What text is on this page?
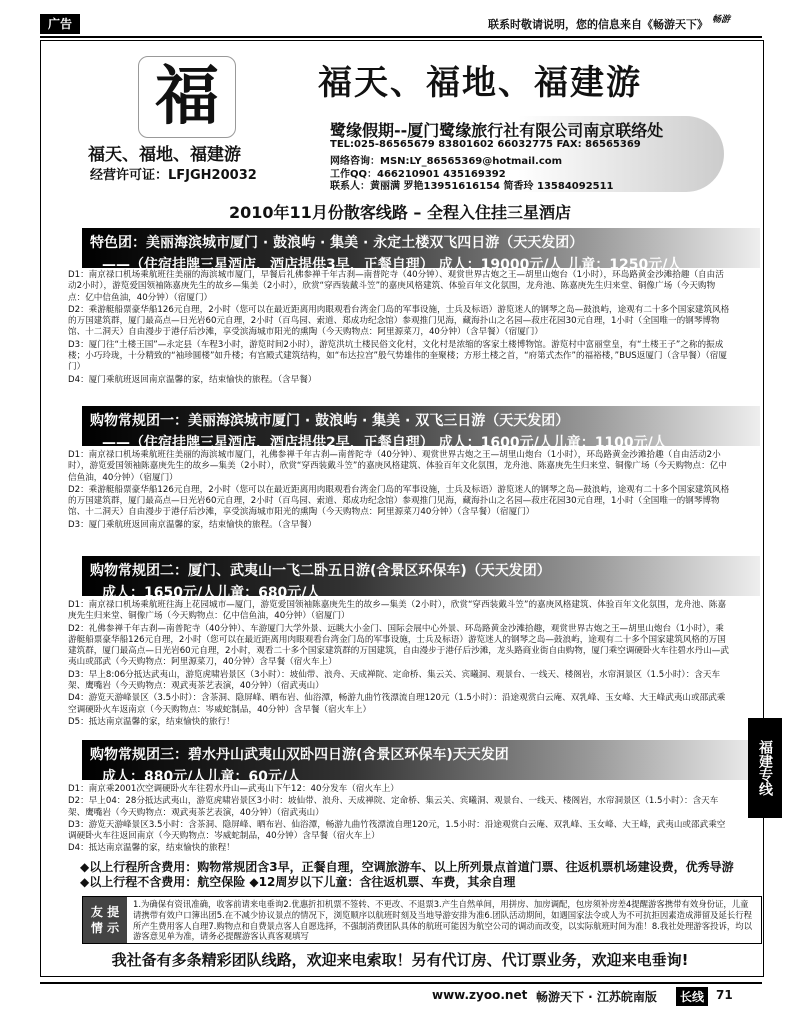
广告	联系时敬请说明，您的信息来自《畅游天下》 畅游
福
福天、福地、福建游
经营许可证：LFJGH20032
福天、福地、福建游
鹭缘假期--厦门鹭缘旅行社有限公司南京联络处
TEL:025-86565679 83801602 66032775 FAX: 86565369
网络咨询：MSN:LY_86565369@hotmail.com
工作QQ：466210901 435169392
联系人：黄丽满 罗艳13951616154 简香玲 13584092511
2010年11月份散客线路 – 全程入住挂三星酒店
特色团：美丽海滨城市厦门 · 鼓浪屿 · 集美 · 永定土楼双飞四日游（天天发团）
——（住宿挂牌三星酒店，酒店提供3早，正餐自理） 成人：19000元/人 儿童：1250元/人

D1：南京禄口机场乘航班往美丽的海滨城市厦门，早餐后礼佛参禅千年古刹—南普陀寺（40分钟）、观赏世界古炮之王—胡里山炮台（1小时），环岛路黄金沙滩拾趣（自由活动2小时），游览爱国领袖陈嘉庚先生的故乡—集美（2小时），欣赏“穿西装戴斗笠”的嘉庚风格建筑、体验百年文化氛围，龙舟池、陈嘉庚先生归来堂、铜像广场（今天购物点：亿中信鱼油，40分钟）（宿厦门）

D2：乘游艇船票豪华船126元自理，2小时（您可以在最近距离用肉眼观看台湾金门岛的军事设施，士兵及标语）游览迷人的钢琴之岛—鼓浪屿，途观有二十多个国家建筑风格的万国建筑群，厦门最高点—日光岩60元自理，2小时（百鸟园、索道、郑成功纪念馆）参观推门见海，藏海扑山之名园—菽庄花园30元自理，1小时（全国唯一的钢琴博物馆、十二洞天）自由漫步于港仔后沙滩，享受滨海城市阳光的熏陶（今天购物点：阿里源菜刀，40分钟）（含早餐）（宿厦门）

D3：厦门往“土楼王国”—永定县（车程3小时，游览时间2小时），游览洪坑土楼民俗文化村，文化村是浓缩的客家土楼博物馆。游览村中富丽堂皇，有“土楼王子”之称的振成楼；小巧玲珑，十分精致的“袖珍圆楼”如升楼；有宫殿式建筑结构，如“布达拉宫”般气势雄伟的奎聚楼；方形土楼之首，“府第式杰作”的福裕楼，”BUS返厦门（含早餐）（宿厦门）

D4：厦门乘航班返回南京温馨的家，结束愉快的旅程。（含早餐）

购物常规团一：美丽海滨城市厦门 · 鼓浪屿 · 集美 · 双飞三日游（天天发团）
——（住宿挂牌三星酒店，酒店提供2早，正餐自理） 成人：1600元/人儿童：1100元/人

D1：南京禄口机场乘航班往美丽的海滨城市厦门，礼佛参禅千年古刹—南普陀寺（40分钟）、观赏世界古炮之王—胡里山炮台（1小时），环岛路黄金沙滩拾趣（自由活动2小时），游览爱国领袖陈嘉庚先生的故乡—集美（2小时），欣赏“穿西装戴斗笠”的嘉庚风格建筑、体验百年文化氛围，龙舟池、陈嘉庚先生归来堂、铜像广场（今天购物点：亿中信鱼油，40分钟）（宿厦门）

D2：乘游艇船票豪华船126元自理，2小时（您可以在最近距离用肉眼观看台湾金门岛的军事设施，士兵及标语）游览迷人的钢琴之岛—鼓浪屿，途观有二十多个国家建筑风格的万国建筑群，厦门最高点—日光岩60元自理，2小时（百鸟园、索道、郑成功纪念馆）参观推门见海，藏海扑山之名园—菽庄花园30元自理，1小时（全国唯一的钢琴博物馆、十二洞天）自由漫步于港仔后沙滩，享受滨海城市阳光的熏陶（今天购物点：阿里源菜刀40分钟）（含早餐）（宿厦门）

D3：厦门乘航班返回南京温馨的家，结束愉快的旅程。（含早餐）

购物常规团二：厦门、武夷山一飞二卧五日游(含景区环保车)（天天发团）
成人：1650元/人儿童：680元/人

D1：南京禄口机场乘航班往海上花园城市—厦门，游览爱国领袖陈嘉庚先生的故乡—集美（2小时），欣赏“穿西装戴斗笠”的嘉庚风格建筑、体验百年文化氛围，龙舟池、陈嘉庚先生归来堂、铜像广场（今天购物点：亿中信鱼油，40分钟）（宿厦门）

D2：礼佛参禅千年古刹—南普陀寺（40分钟）、车游厦门大学外景、远眺大小金门、国际会展中心外景、环岛路黄金沙滩拾趣，观赏世界古炮之王—胡里山炮台（1小时），乘游艇船票豪华船126元自理，2小时（您可以在最近距离用肉眼观看台湾金门岛的军事设施，士兵及标语）游览迷人的钢琴之岛—鼓浪屿，途观有二十多个国家建筑风格的万国建筑群，厦门最高点—日光岩60元自理，2小时，观看二十多个国家建筑群的万国建筑，自由漫步于港仔后沙滩，龙头路商业街自由购物，厦门乘空调硬卧火车往碧水丹山—武夷山或邵武（今天购物点：阿里源菜刀，40分钟）含早餐（宿火车上）

D3：早上8:06分抵达武夷山，游览虎啸岩景区（3小时）：坡仙带、浪舟、天成禅院、定命桥、集云关、宾曦洞、观景台、一线天、楼阁岩，水帘洞景区（1.5小时）：含天车架、鹰嘴岩（今天购物点：观武夷茶艺表演，40分钟）（宿武夷山）

D4：游览天游峰景区（3.5小时）：含茶洞、隐屏峰、晒布岩、仙浴潭，畅游九曲竹筏漂流自理120元（1.5小时）：沿途观赏白云庵、双乳峰、玉女峰、大王峰武夷山或邵武乘空调硬卧火车返南京（今天购物点：岑威蛇制品，40分钟）含早餐（宿火车上）

D5：抵达南京温馨的家，结束愉快的旅行！

购物常规团三：碧水丹山武夷山双卧四日游(含景区环保车)天天发团
成人：880元/人儿童：60元/人

D1：南京乘2001次空调硬卧火车往碧水丹山—武夷山下午12：40分发车（宿火车上）

D2：早上04：28分抵达武夷山，游览虎啸岩景区3小时：坡仙带、浪舟、天成禅院、定命桥、集云关、宾曦洞、观景台、一线天、楼阁岩，水帘洞景区（1.5小时）：含天车架、鹰嘴岩（今天购物点：观武夷茶艺表演，40分钟）（宿武夷山）

D3：游览天游峰景区3.5小时：含茶洞、隐屏峰、晒布岩、仙浴潭，畅游九曲竹筏漂流自理120元，1.5小时：沿途观赏白云庵、双乳峰、玉女峰、大王峰，武夷山或邵武乘空调硬卧火车往返回南京（今天购物点：岑威蛇制品，40分钟）含早餐（宿火车上）

D4：抵达南京温馨的家，结束愉快的旅程！

福建专线
◆以上行程所含费用：购物常规团含3早，正餐自理，空调旅游车、以上所列景点首道门票、往返机票机场建设费，优秀导游
◆以上行程不含费用：航空保险 ◆12周岁以下儿童：含往返机票、车费，其余自理
友 提
情 示
1.为确保有资讯准确，收客前请来电垂询2.优惠折扣机票不签转、不更改、不退票3.产生自然单间，用拼房、加房调配，包房须补房差4提醒游客携带有效身份证，儿童请携带有效户口簿出团5.在不减少协议景点的情况下，浏览顺序以航班时刻及当地导游安排为准6.团队活动期间，如遇国家法令或人为不可抗拒因素造成滞留及延长行程所产生费用客人自理7.购物点和自费景点客人自愿选择，不强制消费团队具体的航班可能因为航空公司的调动而改变，以实际航班时间为准！8.我社处理游客投诉，均以游客意见单为准，请务必提醒游客认真客观填写
我社备有多条精彩团队线路，欢迎来电索取！另有代订房、代订票业务，欢迎来电垂询!
www.zyoo.net 畅游天下 · 江苏皖南版	长线 71
